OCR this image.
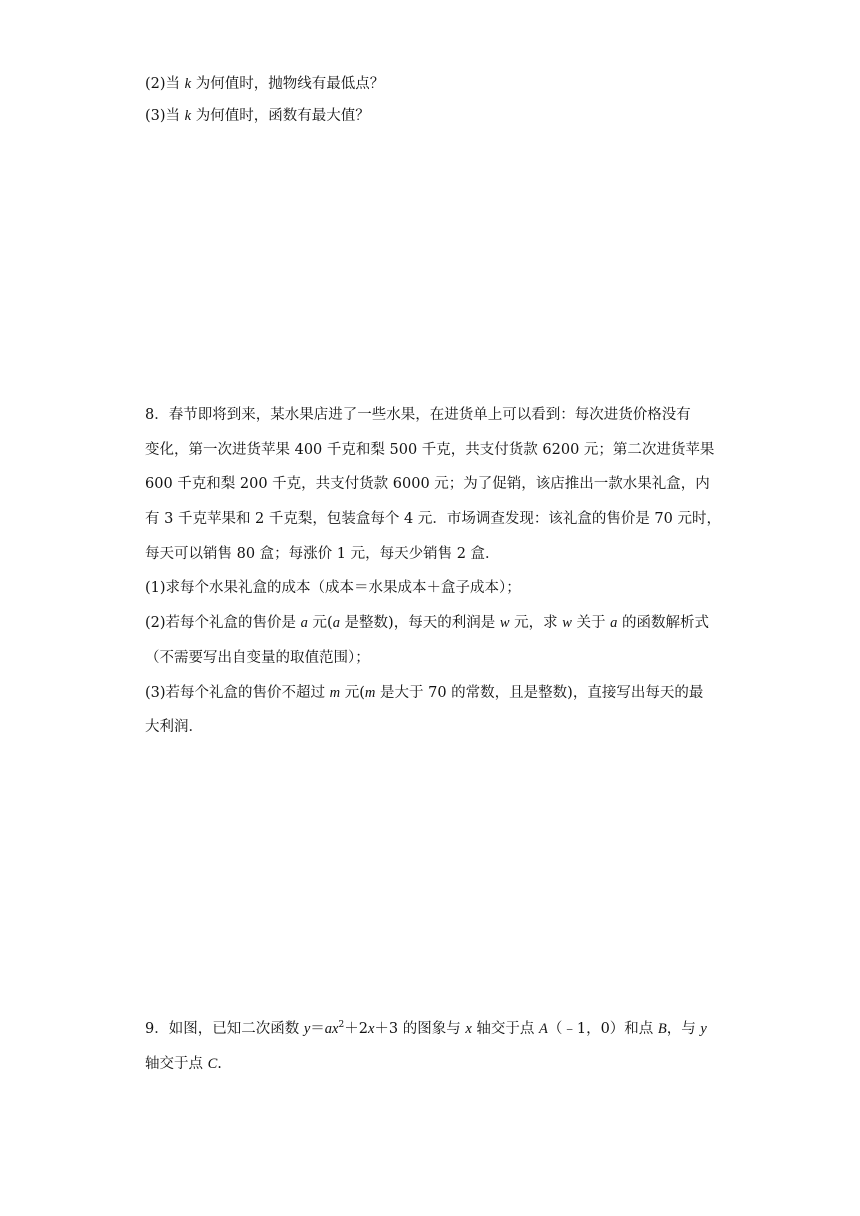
(2)当 k 为何值时，抛物线有最低点？
(3)当 k 为何值时，函数有最大值？
8．春节即将到来，某水果店进了一些水果，在进货单上可以看到：每次进货价格没有
变化，第一次进货苹果 400 千克和梨 500 千克，共支付货款 6200 元；第二次进货苹果
600 千克和梨 200 千克，共支付货款 6000 元；为了促销，该店推出一款水果礼盒，内
有 3 千克苹果和 2 千克梨，包装盒每个 4 元．市场调查发现：该礼盒的售价是 70 元时，
每天可以销售 80 盒；每涨价 1 元，每天少销售 2 盒．
(1)求每个水果礼盒的成本（成本＝水果成本＋盒子成本）；
(2)若每个礼盒的售价是 a 元(a 是整数)，每天的利润是 w 元，求 w 关于 a 的函数解析式
（不需要写出自变量的取值范围）；
(3)若每个礼盒的售价不超过 m 元(m 是大于 70 的常数，且是整数)，直接写出每天的最
大利润．
9．如图，已知二次函数 $y=ax^2+2x+3$ 的图象与 x 轴交于点 A（﹣1，0）和点 B，与 y
轴交于点 C.
